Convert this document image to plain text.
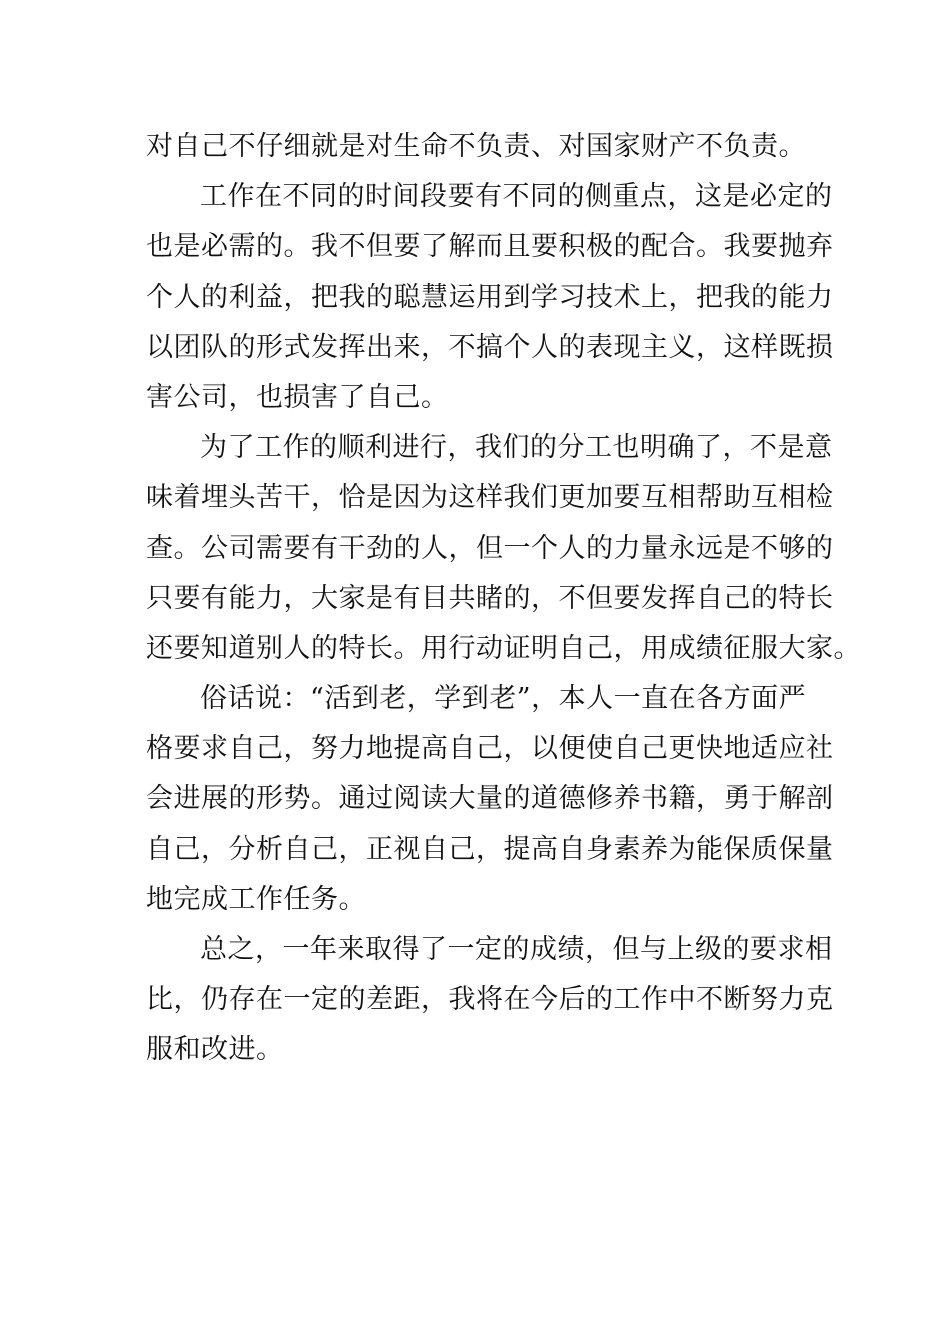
对自己不仔细就是对生命不负责、对国家财产不负责。
工作在不同的时间段要有不同的侧重点，这是必定的
也是必需的。我不但要了解而且要积极的配合。我要抛弃
个人的利益，把我的聪慧运用到学习技术上，把我的能力
以团队的形式发挥出来，不搞个人的表现主义，这样既损
害公司，也损害了自己。
为了工作的顺利进行，我们的分工也明确了，不是意
味着埋头苦干，恰是因为这样我们更加要互相帮助互相检
查。公司需要有干劲的人，但一个人的力量永远是不够的
只要有能力，大家是有目共睹的，不但要发挥自己的特长
还要知道别人的特长。用行动证明自己，用成绩征服大家。
俗话说：“活到老，学到老”，本人一直在各方面严
格要求自己，努力地提高自己，以便使自己更快地适应社
会进展的形势。通过阅读大量的道德修养书籍，勇于解剖
自己，分析自己，正视自己，提高自身素养为能保质保量
地完成工作任务。
总之，一年来取得了一定的成绩，但与上级的要求相
比，仍存在一定的差距，我将在今后的工作中不断努力克
服和改进。
